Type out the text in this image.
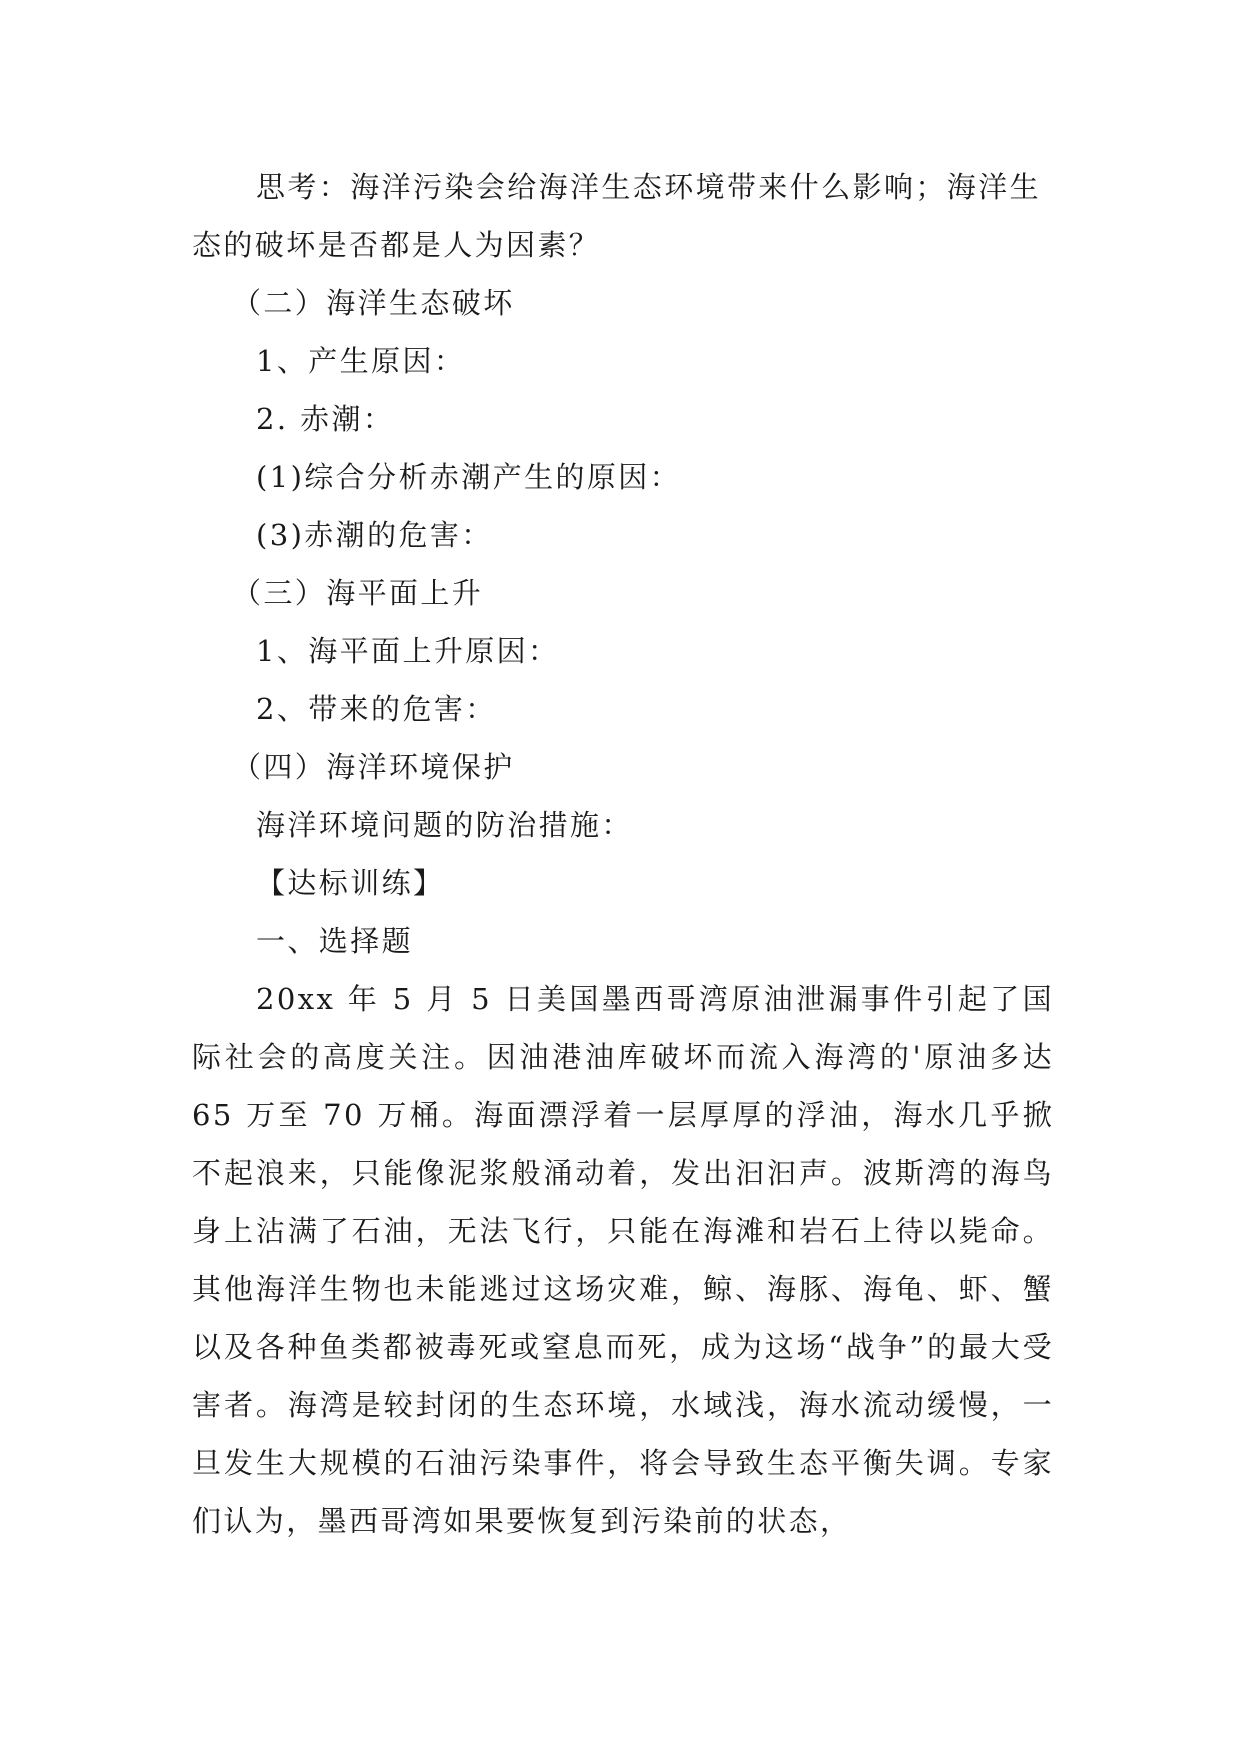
思考：海洋污染会给海洋生态环境带来什么影响；海洋生态的破坏是否都是人为因素？

（二）海洋生态破坏

1、产生原因：

2. 赤潮：

(1)综合分析赤潮产生的原因：

(3)赤潮的危害：

（三）海平面上升

1、海平面上升原因：

2、带来的危害：

（四）海洋环境保护

海洋环境问题的防治措施：

【达标训练】

一、选择题

20xx 年 5 月 5 日美国墨西哥湾原油泄漏事件引起了国际社会的高度关注。因油港油库破坏而流入海湾的'原油多达 65 万至 70 万桶。海面漂浮着一层厚厚的浮油，海水几乎掀不起浪来，只能像泥浆般涌动着，发出汩汩声。波斯湾的海鸟身上沾满了石油，无法飞行，只能在海滩和岩石上待以毙命。其他海洋生物也未能逃过这场灾难，鲸、海豚、海龟、虾、蟹以及各种鱼类都被毒死或窒息而死，成为这场“战争”的最大受害者。海湾是较封闭的生态环境，水域浅，海水流动缓慢，一旦发生大规模的石油污染事件，将会导致生态平衡失调。专家们认为，墨西哥湾如果要恢复到污染前的状态，
